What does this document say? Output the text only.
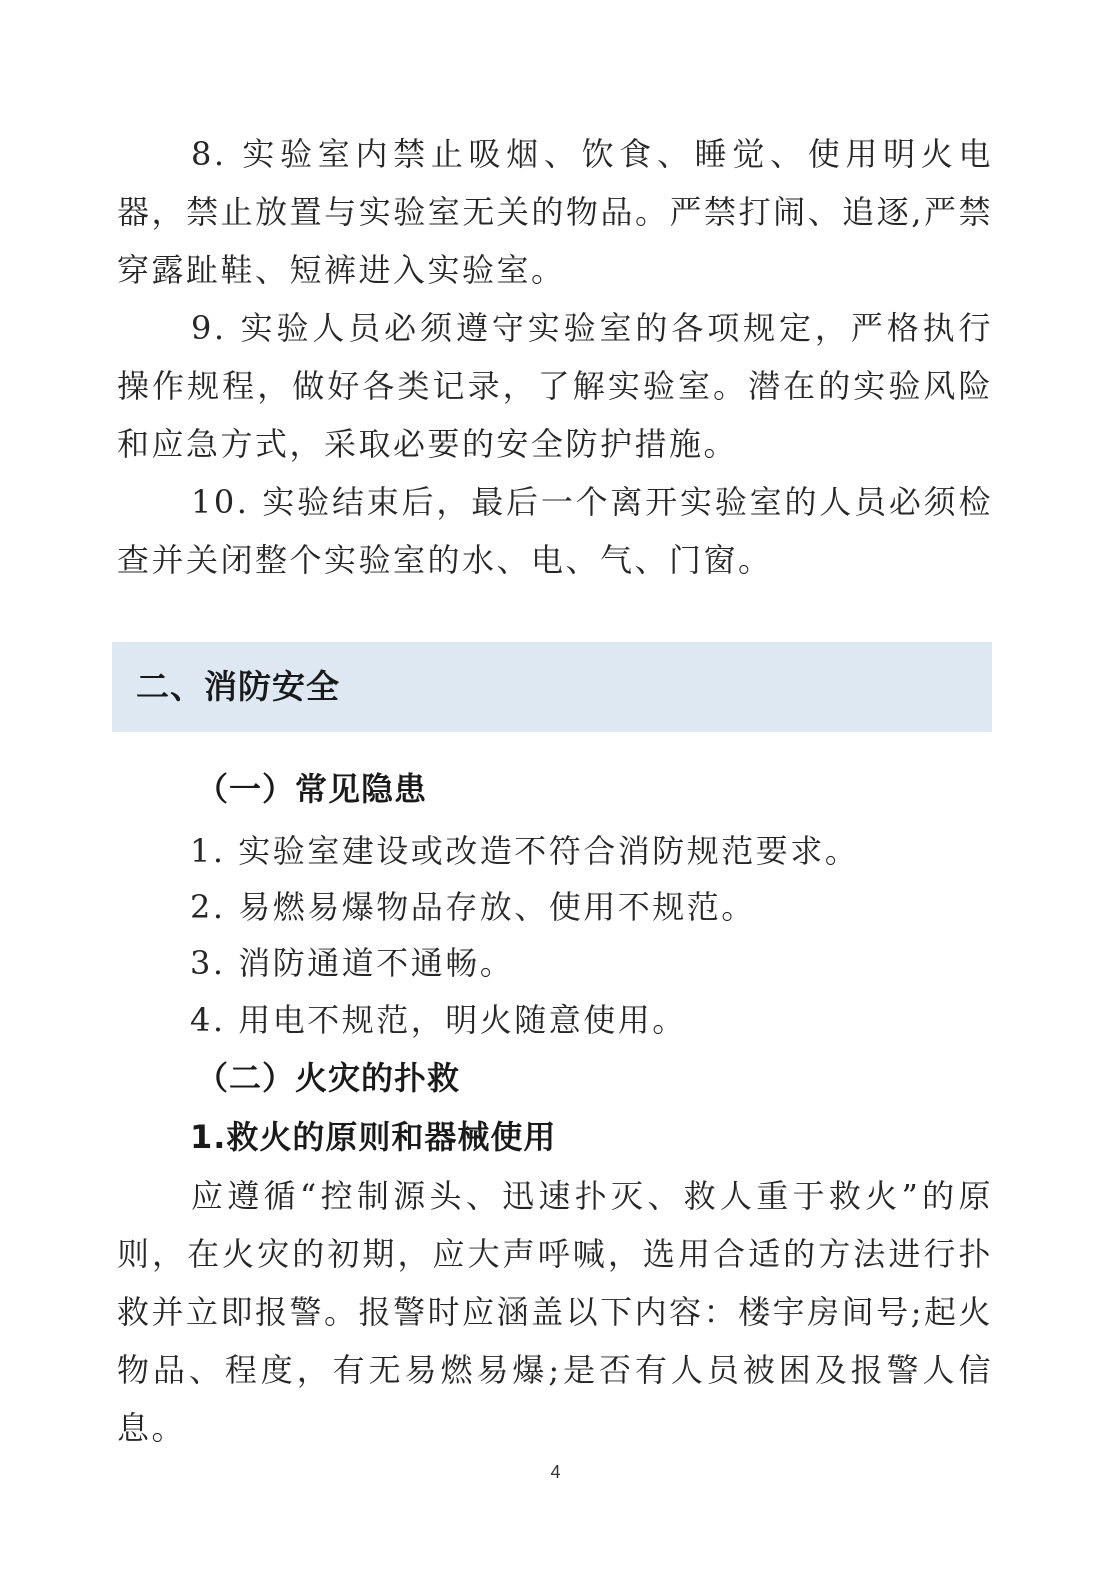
8. 实验室内禁止吸烟、饮食、睡觉、使用明火电器，禁止放置与实验室无关的物品。严禁打闹、追逐,严禁穿露趾鞋、短裤进入实验室。

9. 实验人员必须遵守实验室的各项规定，严格执行操作规程，做好各类记录，了解实验室。潜在的实验风险和应急方式，采取必要的安全防护措施。

10. 实验结束后，最后一个离开实验室的人员必须检查并关闭整个实验室的水、电、气、门窗。

二、消防安全
（一）常见隐患
1. 实验室建设或改造不符合消防规范要求。
2. 易燃易爆物品存放、使用不规范。
3. 消防通道不通畅。
4. 用电不规范，明火随意使用。
（二）火灾的扑救
1.救火的原则和器械使用

应遵循“控制源头、迅速扑灭、救人重于救火”的原则，在火灾的初期，应大声呼喊，选用合适的方法进行扑救并立即报警。报警时应涵盖以下内容：楼宇房间号;起火物品、程度，有无易燃易爆;是否有人员被困及报警人信息。

4
